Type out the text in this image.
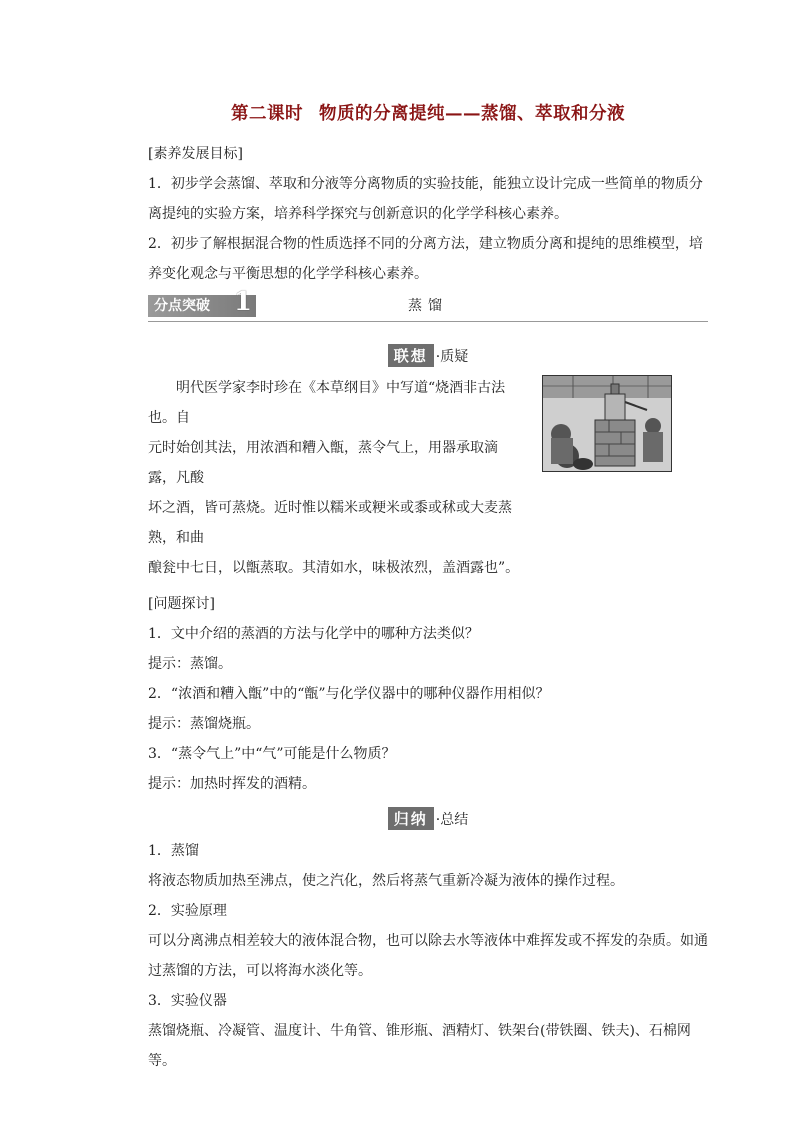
第二课时 物质的分离提纯——蒸馏、萃取和分液

[素养发展目标]

1．初步学会蒸馏、萃取和分液等分离物质的实验技能，能独立设计完成一些简单的物质分离提纯的实验方案，培养科学探究与创新意识的化学学科核心素养。

2．初步了解根据混合物的性质选择不同的分离方法，建立物质分离和提纯的思维模型，培养变化观念与平衡思想的化学学科核心素养。

分点突破 1	蒸馏
联想 ·质疑

明代医学家李时珍在《本草纲目》中写道“烧酒非古法也。自

元时始创其法，用浓酒和糟入甑，蒸令气上，用器承取滴露，凡酸

坏之酒，皆可蒸烧。近时惟以糯米或粳米或黍或秫或大麦蒸熟，和曲

酿瓮中七日，以甑蒸取。其清如水，味极浓烈，盖酒露也”。

[问题探讨]

1．文中介绍的蒸酒的方法与化学中的哪种方法类似？

提示：蒸馏。

2．“浓酒和糟入甑”中的“甑”与化学仪器中的哪种仪器作用相似？

提示：蒸馏烧瓶。

3．“蒸令气上”中“气”可能是什么物质？

提示：加热时挥发的酒精。

归纳 ·总结

1．蒸馏

将液态物质加热至沸点，使之汽化，然后将蒸气重新冷凝为液体的操作过程。

2．实验原理

可以分离沸点相差较大的液体混合物，也可以除去水等液体中难挥发或不挥发的杂质。如通过蒸馏的方法，可以将海水淡化等。

3．实验仪器

蒸馏烧瓶、冷凝管、温度计、牛角管、锥形瓶、酒精灯、铁架台(带铁圈、铁夫)、石棉网等。
